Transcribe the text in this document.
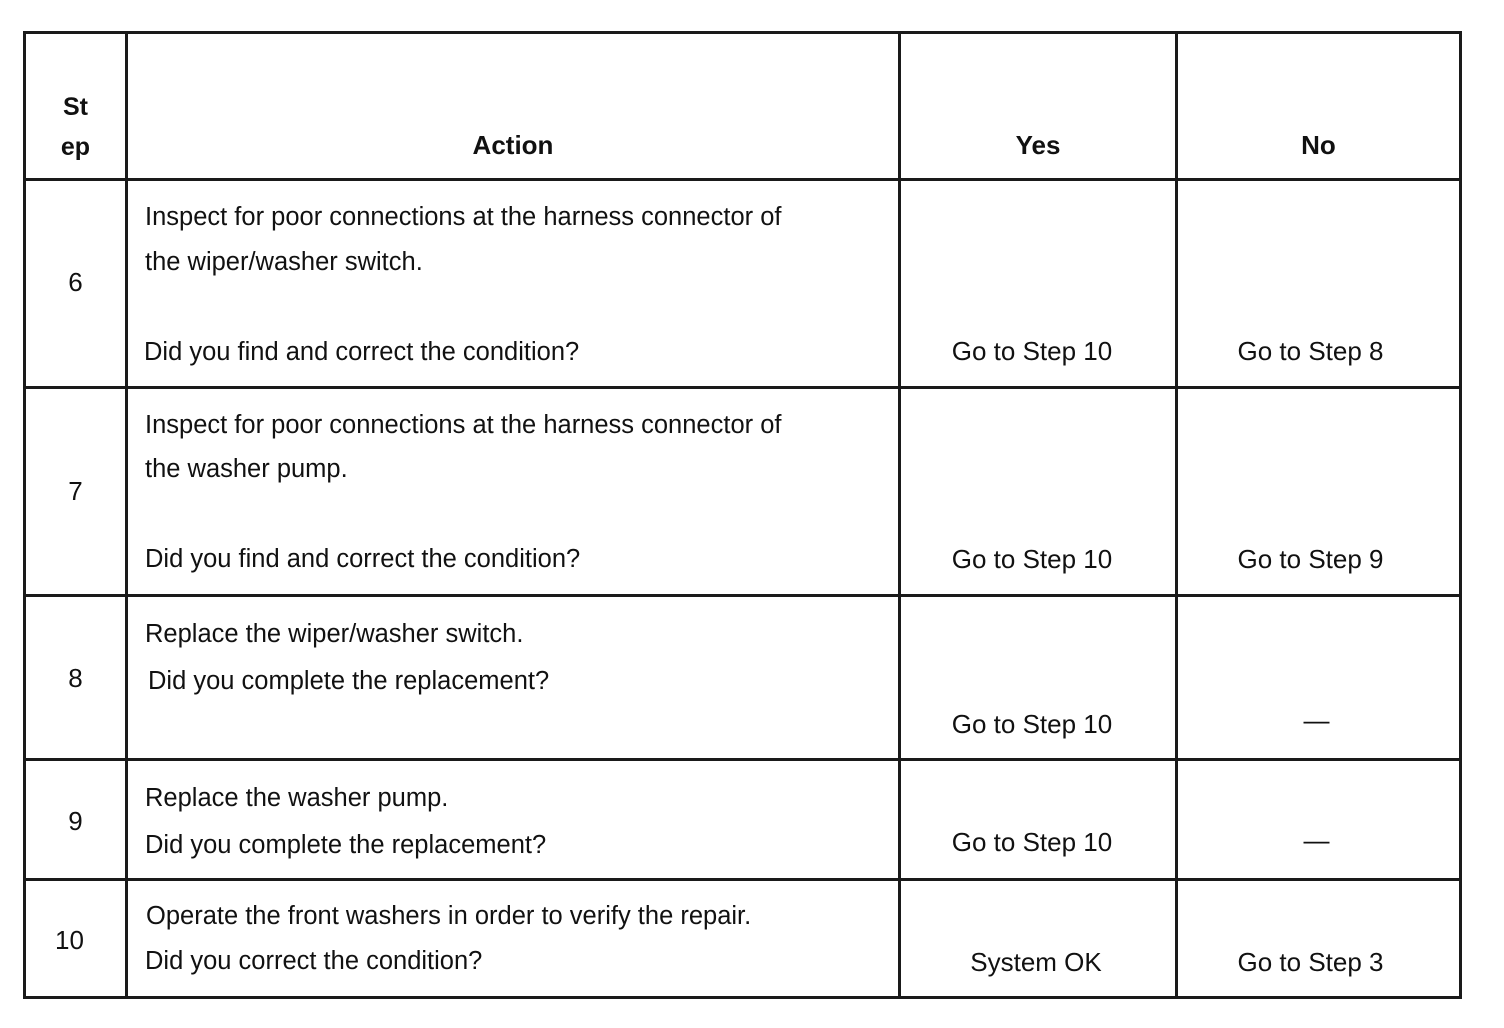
St
ep	Action	Yes	No

6	Inspect for poor connections at the harness connector of
the wiper/washer switch.
Did you find and correct the condition?	Go to Step 10	Go to Step 8

7	Inspect for poor connections at the harness connector of
the washer pump.
Did you find and correct the condition?	Go to Step 10	Go to Step 9

8	Replace the wiper/washer switch.
Did you complete the replacement?	Go to Step 10	—

9	Replace the washer pump.
Did you complete the replacement?	Go to Step 10	—

10	Operate the front washers in order to verify the repair.
Did you correct the condition?	System OK	Go to Step 3
